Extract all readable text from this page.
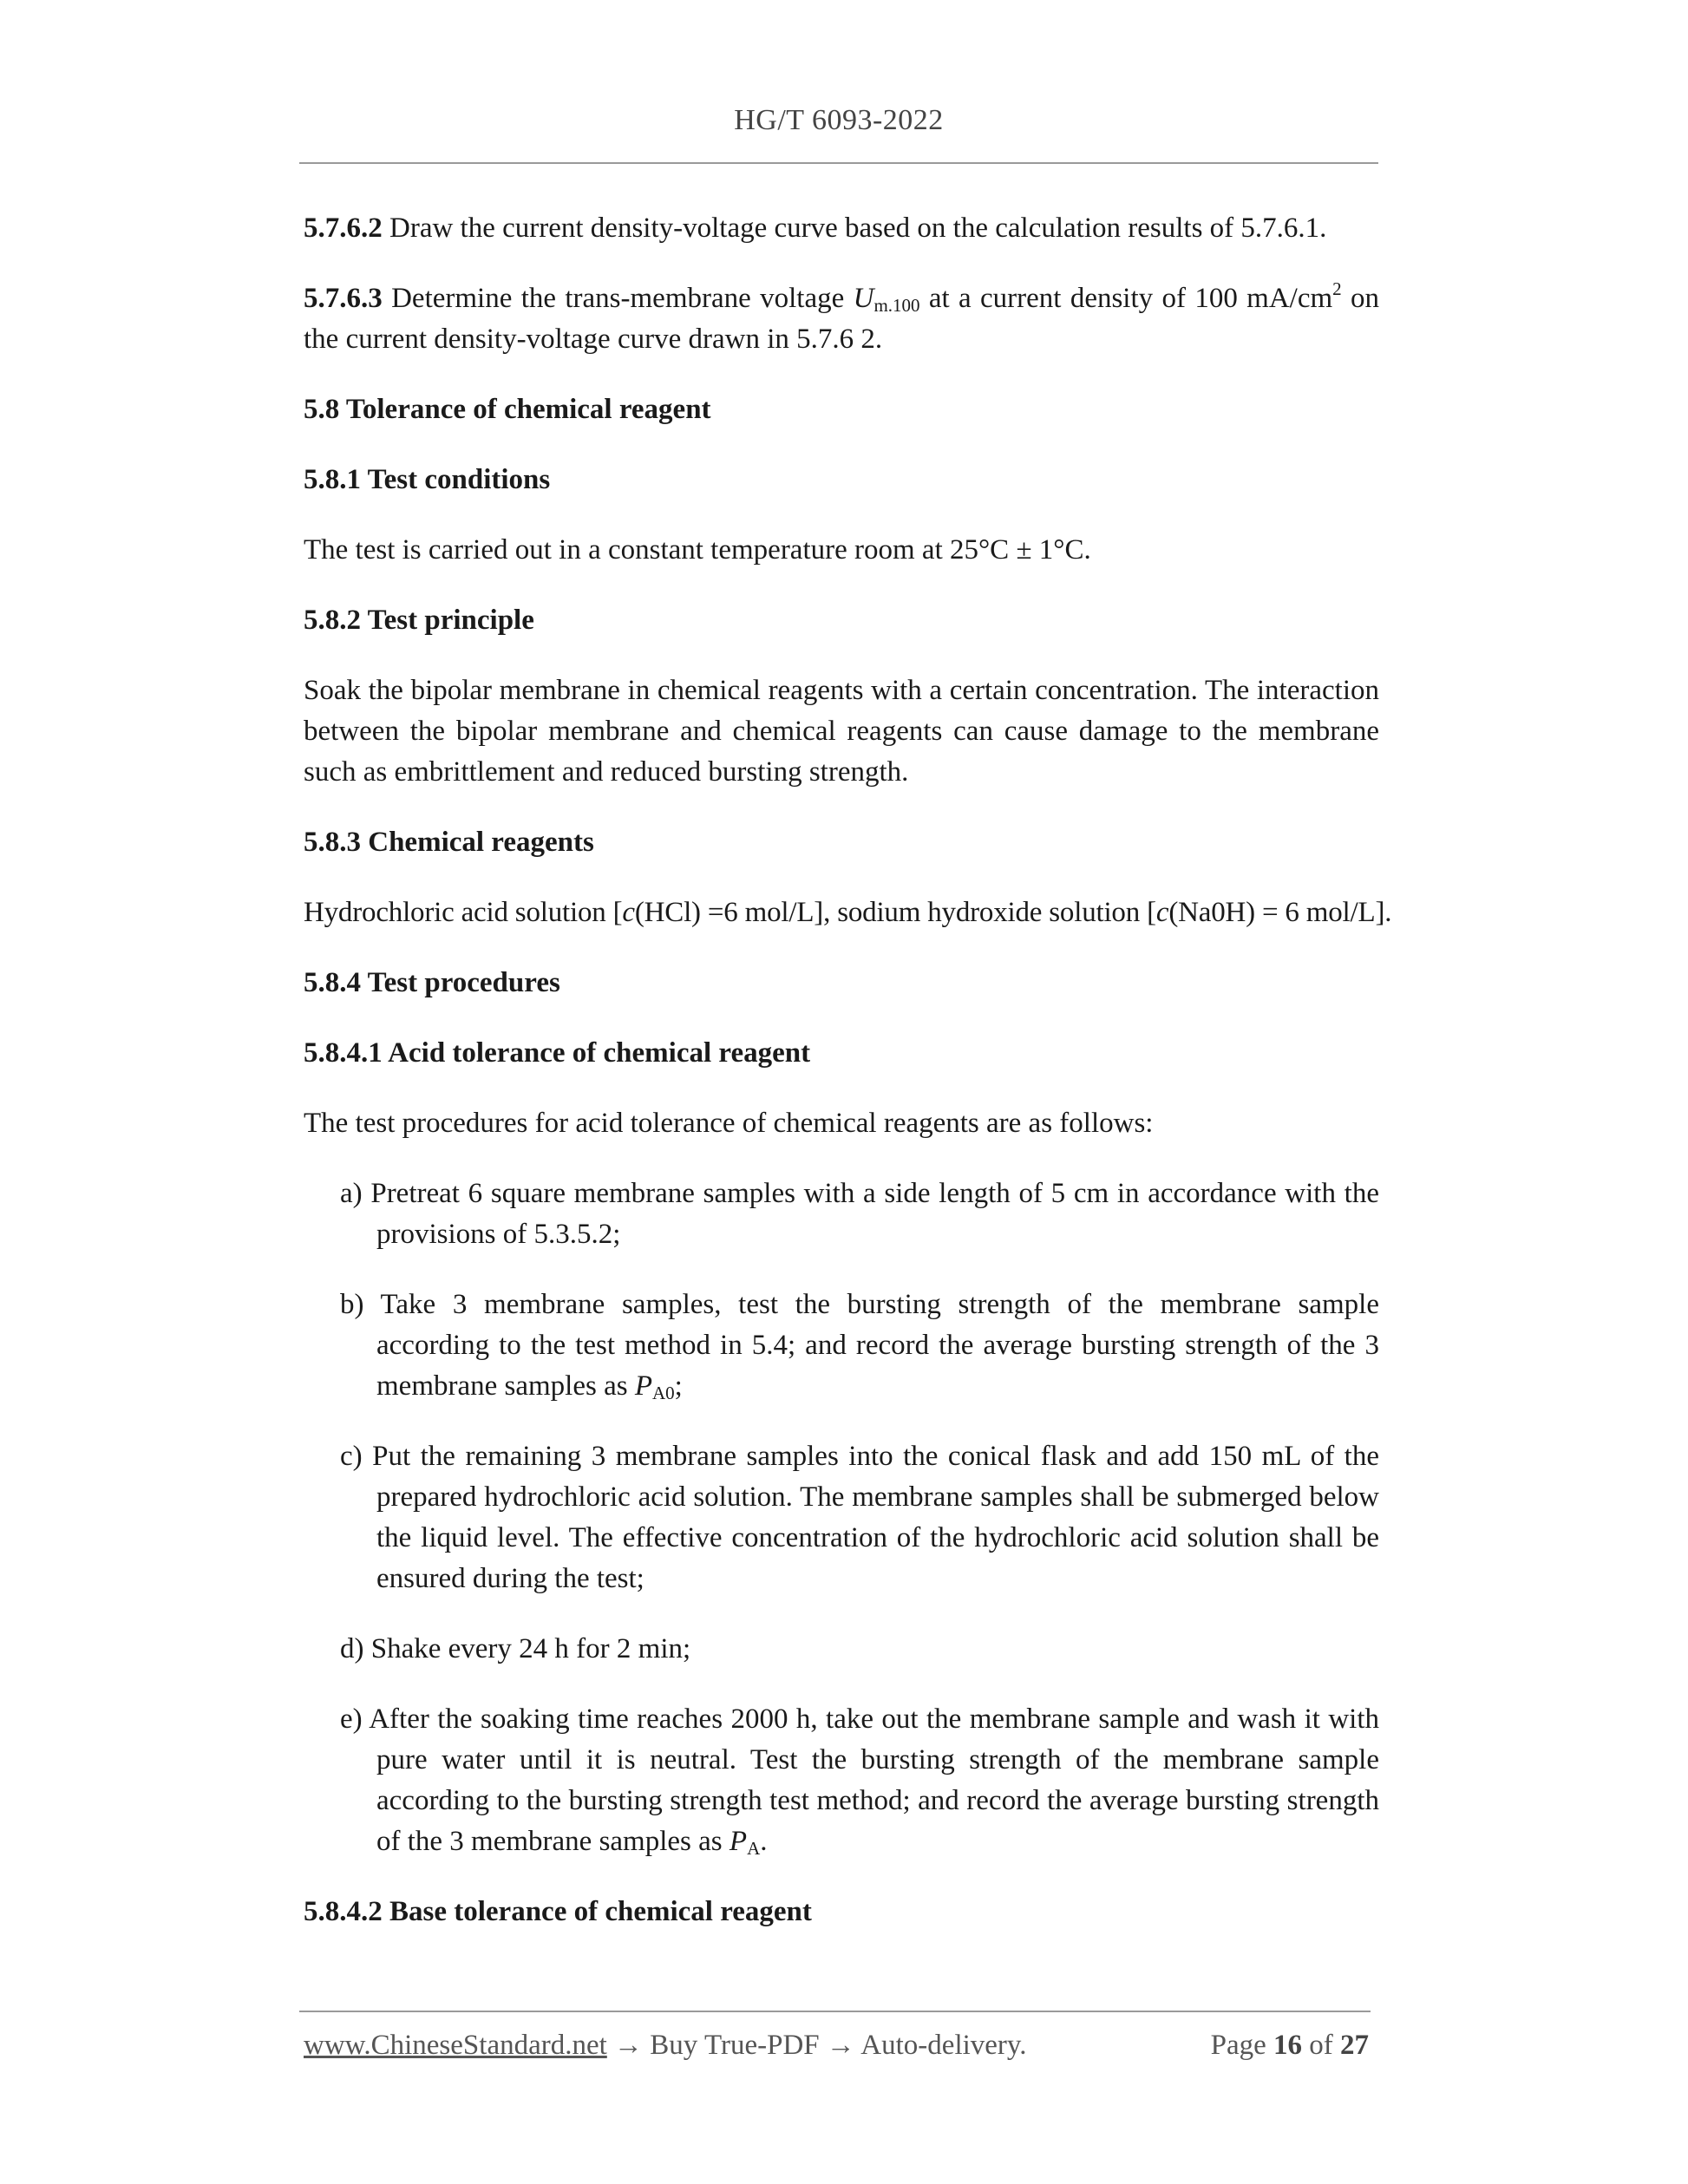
HG/T 6093-2022

5.7.6.2 Draw the current density-voltage curve based on the calculation results of 5.7.6.1.

5.7.6.3 Determine the trans-membrane voltage $U_{m.100}$ at a current density of 100 $mA/cm^2$ on the current density-voltage curve drawn in 5.7.6 2.

5.8 Tolerance of chemical reagent

5.8.1 Test conditions

The test is carried out in a constant temperature room at 25°C ± 1°C.

5.8.2 Test principle

Soak the bipolar membrane in chemical reagents with a certain concentration. The interaction between the bipolar membrane and chemical reagents can cause damage to the membrane such as embrittlement and reduced bursting strength.

5.8.3 Chemical reagents

Hydrochloric acid solution [c(HCl) =6 mol/L], sodium hydroxide solution [c(Na0H) = 6 mol/L].

5.8.4 Test procedures

5.8.4.1 Acid tolerance of chemical reagent

The test procedures for acid tolerance of chemical reagents are as follows:

a) Pretreat 6 square membrane samples with a side length of 5 cm in accordance with the provisions of 5.3.5.2;

b) Take 3 membrane samples, test the bursting strength of the membrane sample according to the test method in 5.4; and record the average bursting strength of the 3 membrane samples as $P_{A0}$;

c) Put the remaining 3 membrane samples into the conical flask and add 150 mL of the prepared hydrochloric acid solution. The membrane samples shall be submerged below the liquid level. The effective concentration of the hydrochloric acid solution shall be ensured during the test;

d) Shake every 24 h for 2 min;

e) After the soaking time reaches 2000 h, take out the membrane sample and wash it with pure water until it is neutral. Test the bursting strength of the membrane sample according to the bursting strength test method; and record the average bursting strength of the 3 membrane samples as $P_A$.

5.8.4.2 Base tolerance of chemical reagent

www.ChineseStandard.net → Buy True-PDF → Auto-delivery.	Page 16 of 27
